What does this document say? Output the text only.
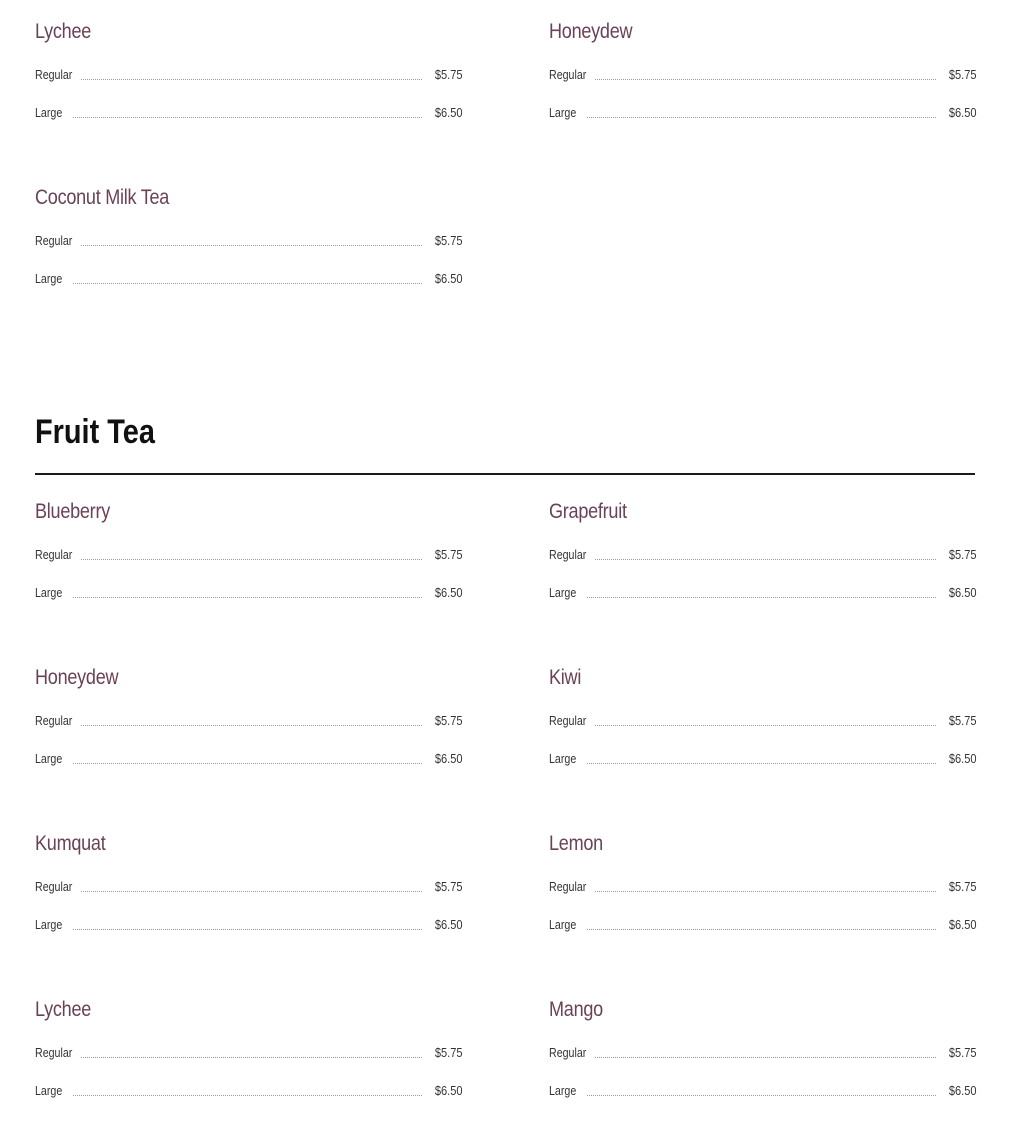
Lychee
Regular	$5.75
Large	$6.50
Honeydew
Regular	$5.75
Large	$6.50
Coconut Milk Tea
Regular	$5.75
Large	$6.50
Fruit Tea
Blueberry
Regular	$5.75
Large	$6.50
Grapefruit
Regular	$5.75
Large	$6.50
Honeydew
Regular	$5.75
Large	$6.50
Kiwi
Regular	$5.75
Large	$6.50
Kumquat
Regular	$5.75
Large	$6.50
Lemon
Regular	$5.75
Large	$6.50
Lychee
Regular	$5.75
Large	$6.50
Mango
Regular	$5.75
Large	$6.50
